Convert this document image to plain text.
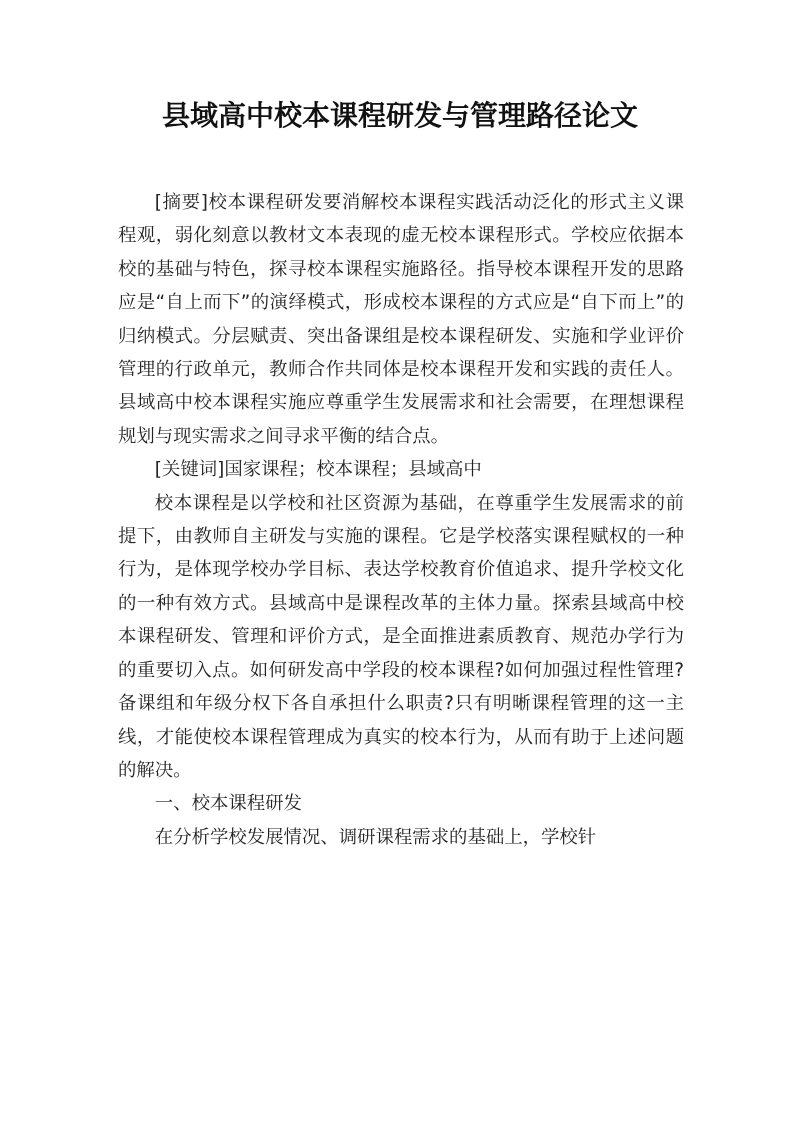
县域高中校本课程研发与管理路径论文

[摘要]校本课程研发要消解校本课程实践活动泛化的形式主义课程观，弱化刻意以教材文本表现的虚无校本课程形式。学校应依据本校的基础与特色，探寻校本课程实施路径。指导校本课程开发的思路应是“自上而下”的演绎模式，形成校本课程的方式应是“自下而上”的归纳模式。分层赋责、突出备课组是校本课程研发、实施和学业评价管理的行政单元，教师合作共同体是校本课程开发和实践的责任人。县域高中校本课程实施应尊重学生发展需求和社会需要，在理想课程规划与现实需求之间寻求平衡的结合点。

[关键词]国家课程；校本课程；县域高中

校本课程是以学校和社区资源为基础，在尊重学生发展需求的前提下，由教师自主研发与实施的课程。它是学校落实课程赋权的一种行为，是体现学校办学目标、表达学校教育价值追求、提升学校文化的一种有效方式。县域高中是课程改革的主体力量。探索县域高中校本课程研发、管理和评价方式，是全面推进素质教育、规范办学行为的重要切入点。如何研发高中学段的校本课程?如何加强过程性管理?备课组和年级分权下各自承担什么职责?只有明晰课程管理的这一主线，才能使校本课程管理成为真实的校本行为，从而有助于上述问题的解决。

一、校本课程研发

在分析学校发展情况、调研课程需求的基础上，学校针
